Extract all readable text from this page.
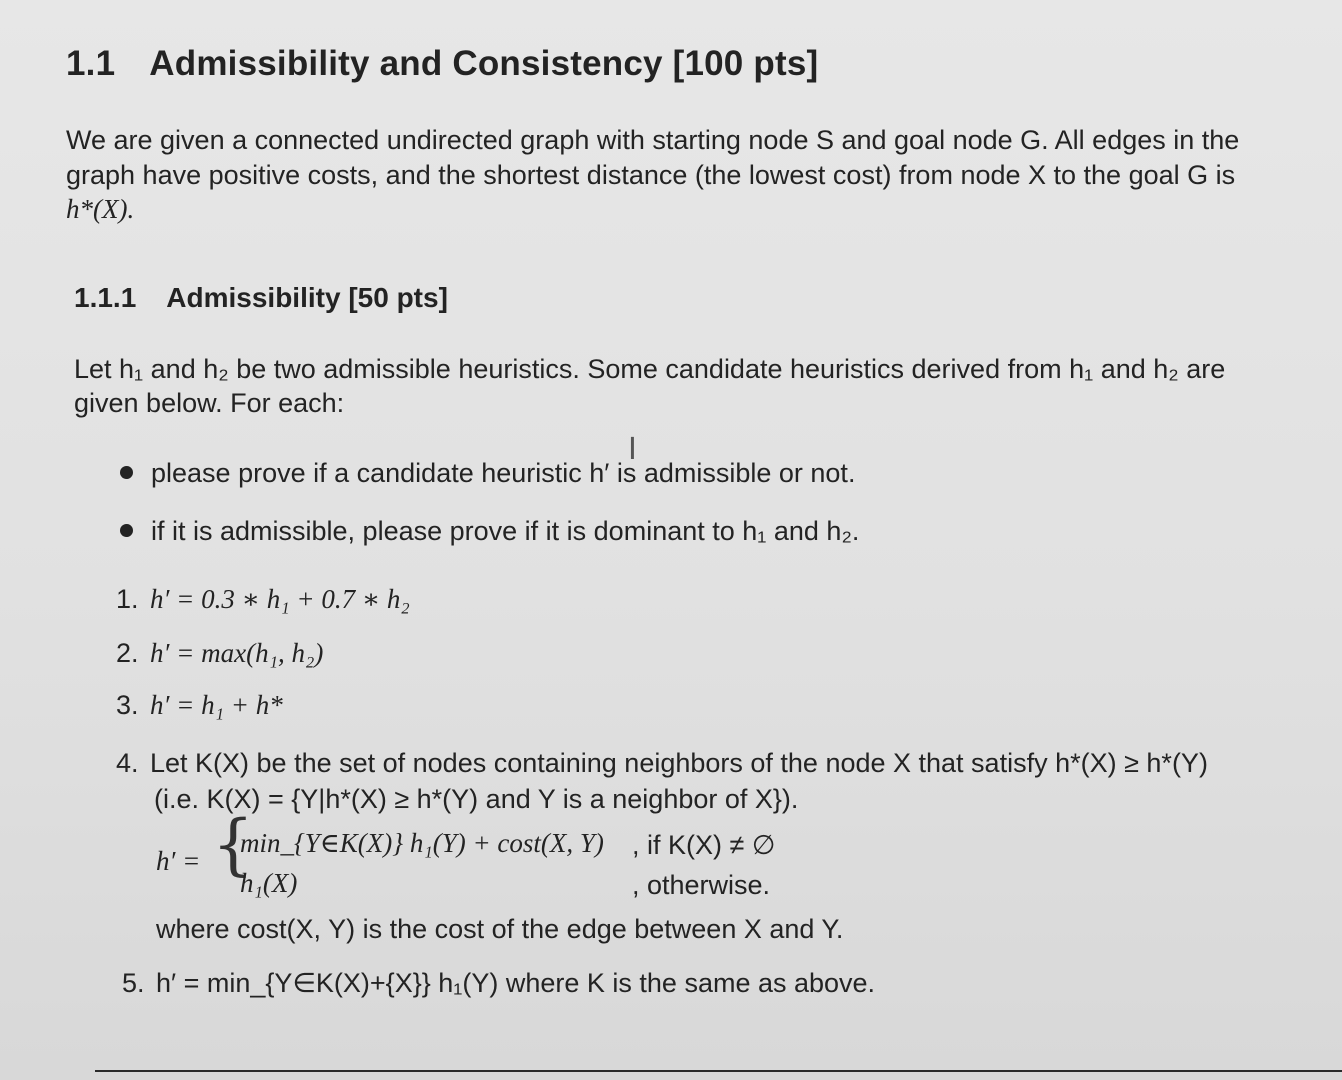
1.1 Admissibility and Consistency [100 pts]
We are given a connected undirected graph with starting node S and goal node G. All edges in the
graph have positive costs, and the shortest distance (the lowest cost) from node X to the goal G is
h*(X).
1.1.1 Admissibility [50 pts]
Let h₁ and h₂ be two admissible heuristics. Some candidate heuristics derived from h₁ and h₂ are
given below. For each:
I
please prove if a candidate heuristic h′ is admissible or not.
if it is admissible, please prove if it is dominant to h₁ and h₂.
1. h′ = 0.3 ∗ h₁ + 0.7 ∗ h₂
2. h′ = max(h₁, h₂)
3. h′ = h₁ + h*
4. Let K(X) be the set of nodes containing neighbors of the node X that satisfy h*(X) ≥ h*(Y)
(i.e. K(X) = {Y|h*(X) ≥ h*(Y) and Y is a neighbor of X}).
h′ = {
min_{Y∈K(X)} h₁(Y) + cost(X, Y) , if K(X) ≠ ∅
h₁(X)	, otherwise.
where cost(X, Y) is the cost of the edge between X and Y.
5. h′ = min_{Y∈K(X)+{X}} h₁(Y) where K is the same as above.
